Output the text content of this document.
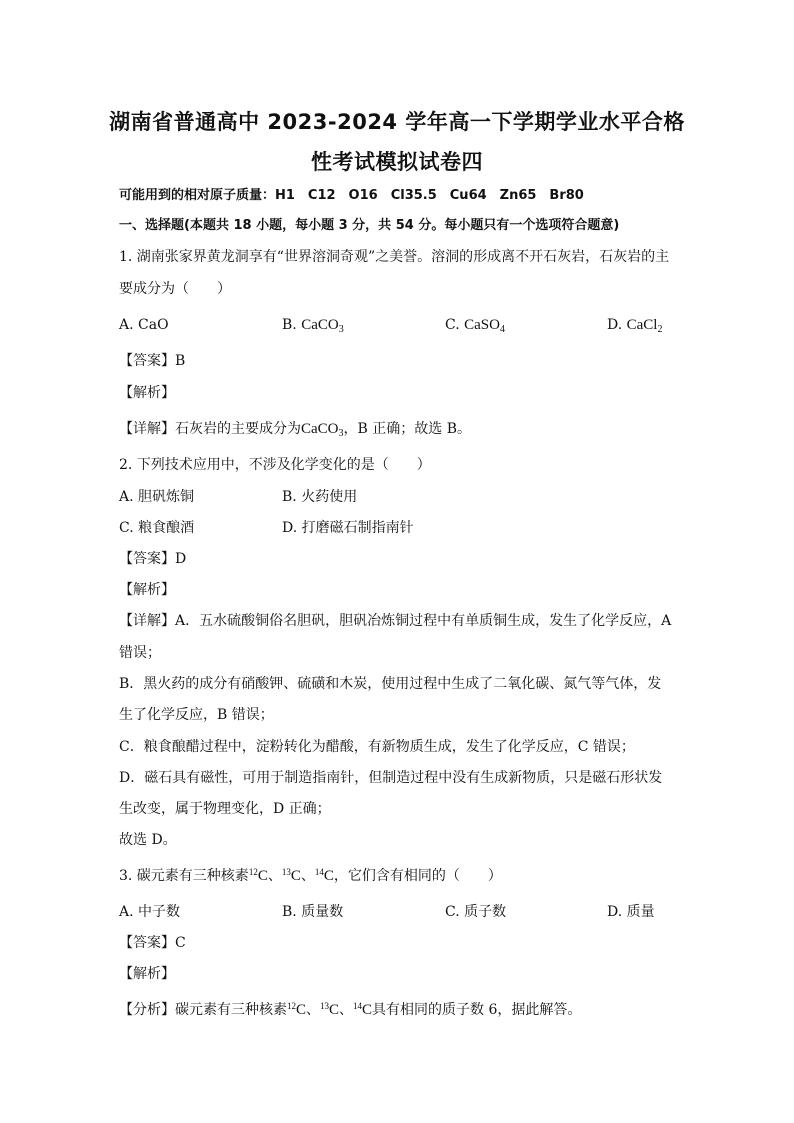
湖南省普通高中 2023-2024 学年高一下学期学业水平合格
性考试模拟试卷四
可能用到的相对原子质量：H1　C12　O16　Cl35.5　Cu64　Zn65　Br80
一、选择题(本题共 18 小题，每小题 3 分，共 54 分。每小题只有一个选项符合题意)
1. 湖南张家界黄龙洞享有“世界溶洞奇观”之美誉。溶洞的形成离不开石灰岩，石灰岩的主
要成分为（　　）
A. CaO	B. CaCO$_3$	C. CaSO$_4$	D. CaCl$_2$
【答案】B
【解析】
【详解】石灰岩的主要成分为CaCO$_3$，B 正确；故选 B。
2. 下列技术应用中，不涉及化学变化的是（　　）
A. 胆矾炼铜	B. 火药使用
C. 粮食酿酒	D. 打磨磁石制指南针
【答案】D
【解析】
【详解】A．五水硫酸铜俗名胆矾，胆矾冶炼铜过程中有单质铜生成，发生了化学反应，A
错误；
B．黑火药的成分有硝酸钾、硫磺和木炭，使用过程中生成了二氧化碳、氮气等气体，发
生了化学反应，B 错误；
C．粮食酿醋过程中，淀粉转化为醋酸，有新物质生成，发生了化学反应，C 错误；
D．磁石具有磁性，可用于制造指南针，但制造过程中没有生成新物质，只是磁石形状发
生改变，属于物理变化，D 正确；
故选 D。
3. 碳元素有三种核素$^{12}$C、$^{13}$C、$^{14}$C，它们含有相同的（　　）
A. 中子数	B. 质量数	C. 质子数	D. 质量
【答案】C
【解析】
【分析】碳元素有三种核素$^{12}$C、$^{13}$C、$^{14}$C具有相同的质子数 6，据此解答。
